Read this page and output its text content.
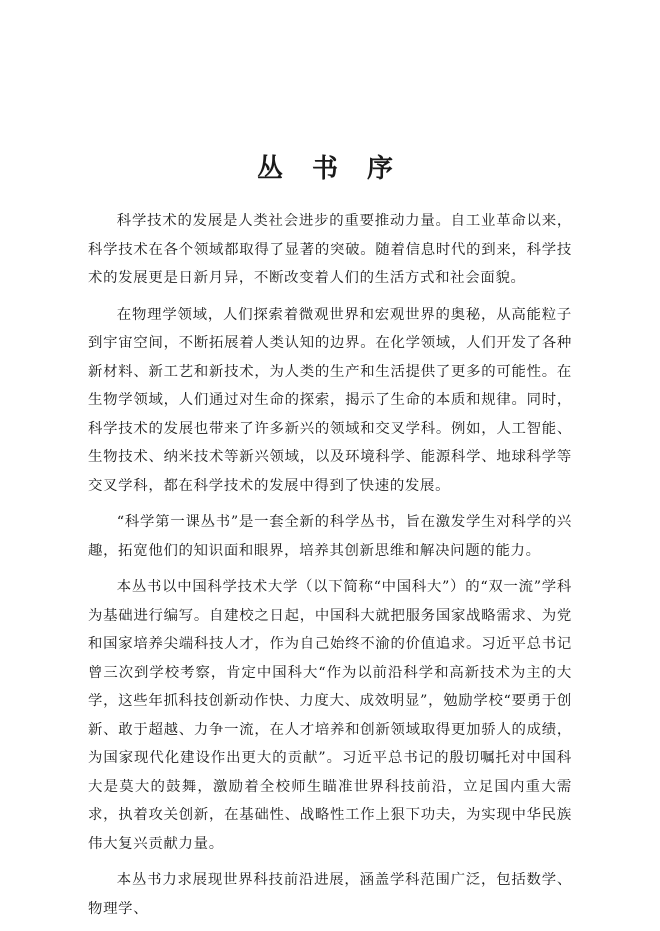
丛 书 序

科学技术的发展是人类社会进步的重要推动力量。自工业革命以来，科学技术在各个领域都取得了显著的突破。随着信息时代的到来，科学技术的发展更是日新月异，不断改变着人们的生活方式和社会面貌。

在物理学领域，人们探索着微观世界和宏观世界的奥秘，从高能粒子到宇宙空间，不断拓展着人类认知的边界。在化学领域，人们开发了各种新材料、新工艺和新技术，为人类的生产和生活提供了更多的可能性。在生物学领域，人们通过对生命的探索，揭示了生命的本质和规律。同时，科学技术的发展也带来了许多新兴的领域和交叉学科。例如，人工智能、生物技术、纳米技术等新兴领域，以及环境科学、能源科学、地球科学等交叉学科，都在科学技术的发展中得到了快速的发展。

“科学第一课丛书”是一套全新的科学丛书，旨在激发学生对科学的兴趣，拓宽他们的知识面和眼界，培养其创新思维和解决问题的能力。

本丛书以中国科学技术大学（以下简称“中国科大”）的“双一流”学科为基础进行编写。自建校之日起，中国科大就把服务国家战略需求、为党和国家培养尖端科技人才，作为自己始终不渝的价值追求。习近平总书记曾三次到学校考察，肯定中国科大“作为以前沿科学和高新技术为主的大学，这些年抓科技创新动作快、力度大、成效明显”，勉励学校“要勇于创新、敢于超越、力争一流，在人才培养和创新领域取得更加骄人的成绩，为国家现代化建设作出更大的贡献”。习近平总书记的殷切嘱托对中国科大是莫大的鼓舞，激励着全校师生瞄准世界科技前沿，立足国内重大需求，执着攻关创新，在基础性、战略性工作上狠下功夫，为实现中华民族伟大复兴贡献力量。

本丛书力求展现世界科技前沿进展，涵盖学科范围广泛，包括数学、物理学、
